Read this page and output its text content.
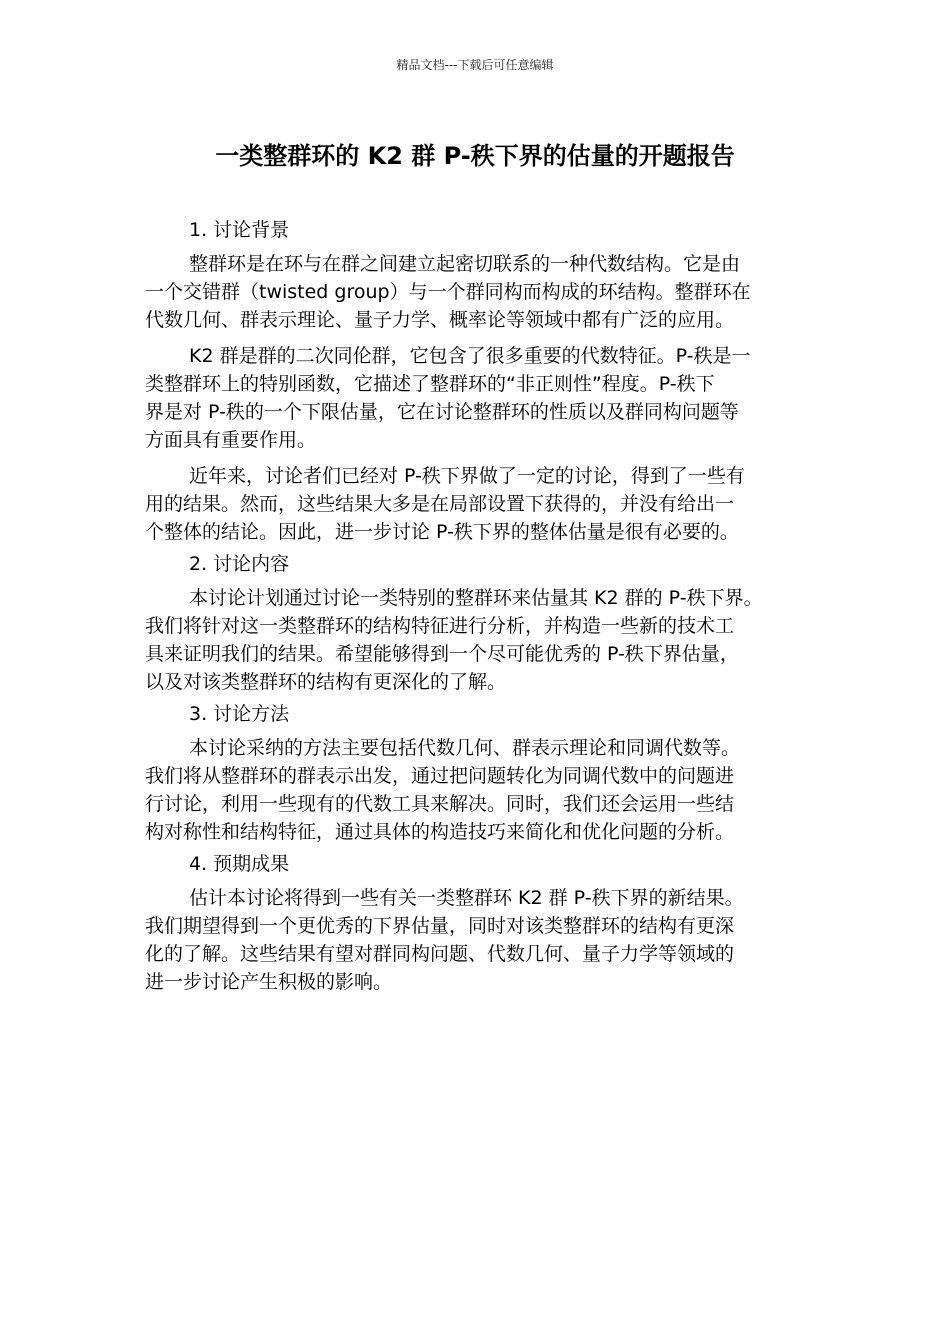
精品文档---下载后可任意编辑
一类整群环的 K2 群 P-秩下界的估量的开题报告
1. 讨论背景

整群环是在环与在群之间建立起密切联系的一种代数结构。它是由
一个交错群（twisted group）与一个群同构而构成的环结构。整群环在
代数几何、群表示理论、量子力学、概率论等领域中都有广泛的应用。

K2 群是群的二次同伦群，它包含了很多重要的代数特征。P-秩是一
类整群环上的特别函数，它描述了整群环的“非正则性”程度。P-秩下
界是对 P-秩的一个下限估量，它在讨论整群环的性质以及群同构问题等
方面具有重要作用。

近年来，讨论者们已经对 P-秩下界做了一定的讨论，得到了一些有
用的结果。然而，这些结果大多是在局部设置下获得的，并没有给出一
个整体的结论。因此，进一步讨论 P-秩下界的整体估量是很有必要的。

2. 讨论内容

本讨论计划通过讨论一类特别的整群环来估量其 K2 群的 P-秩下界。
我们将针对这一类整群环的结构特征进行分析，并构造一些新的技术工
具来证明我们的结果。希望能够得到一个尽可能优秀的 P-秩下界估量，
以及对该类整群环的结构有更深化的了解。

3. 讨论方法

本讨论采纳的方法主要包括代数几何、群表示理论和同调代数等。
我们将从整群环的群表示出发，通过把问题转化为同调代数中的问题进
行讨论，利用一些现有的代数工具来解决。同时，我们还会运用一些结
构对称性和结构特征，通过具体的构造技巧来简化和优化问题的分析。

4. 预期成果

估计本讨论将得到一些有关一类整群环 K2 群 P-秩下界的新结果。
我们期望得到一个更优秀的下界估量，同时对该类整群环的结构有更深
化的了解。这些结果有望对群同构问题、代数几何、量子力学等领域的
进一步讨论产生积极的影响。
